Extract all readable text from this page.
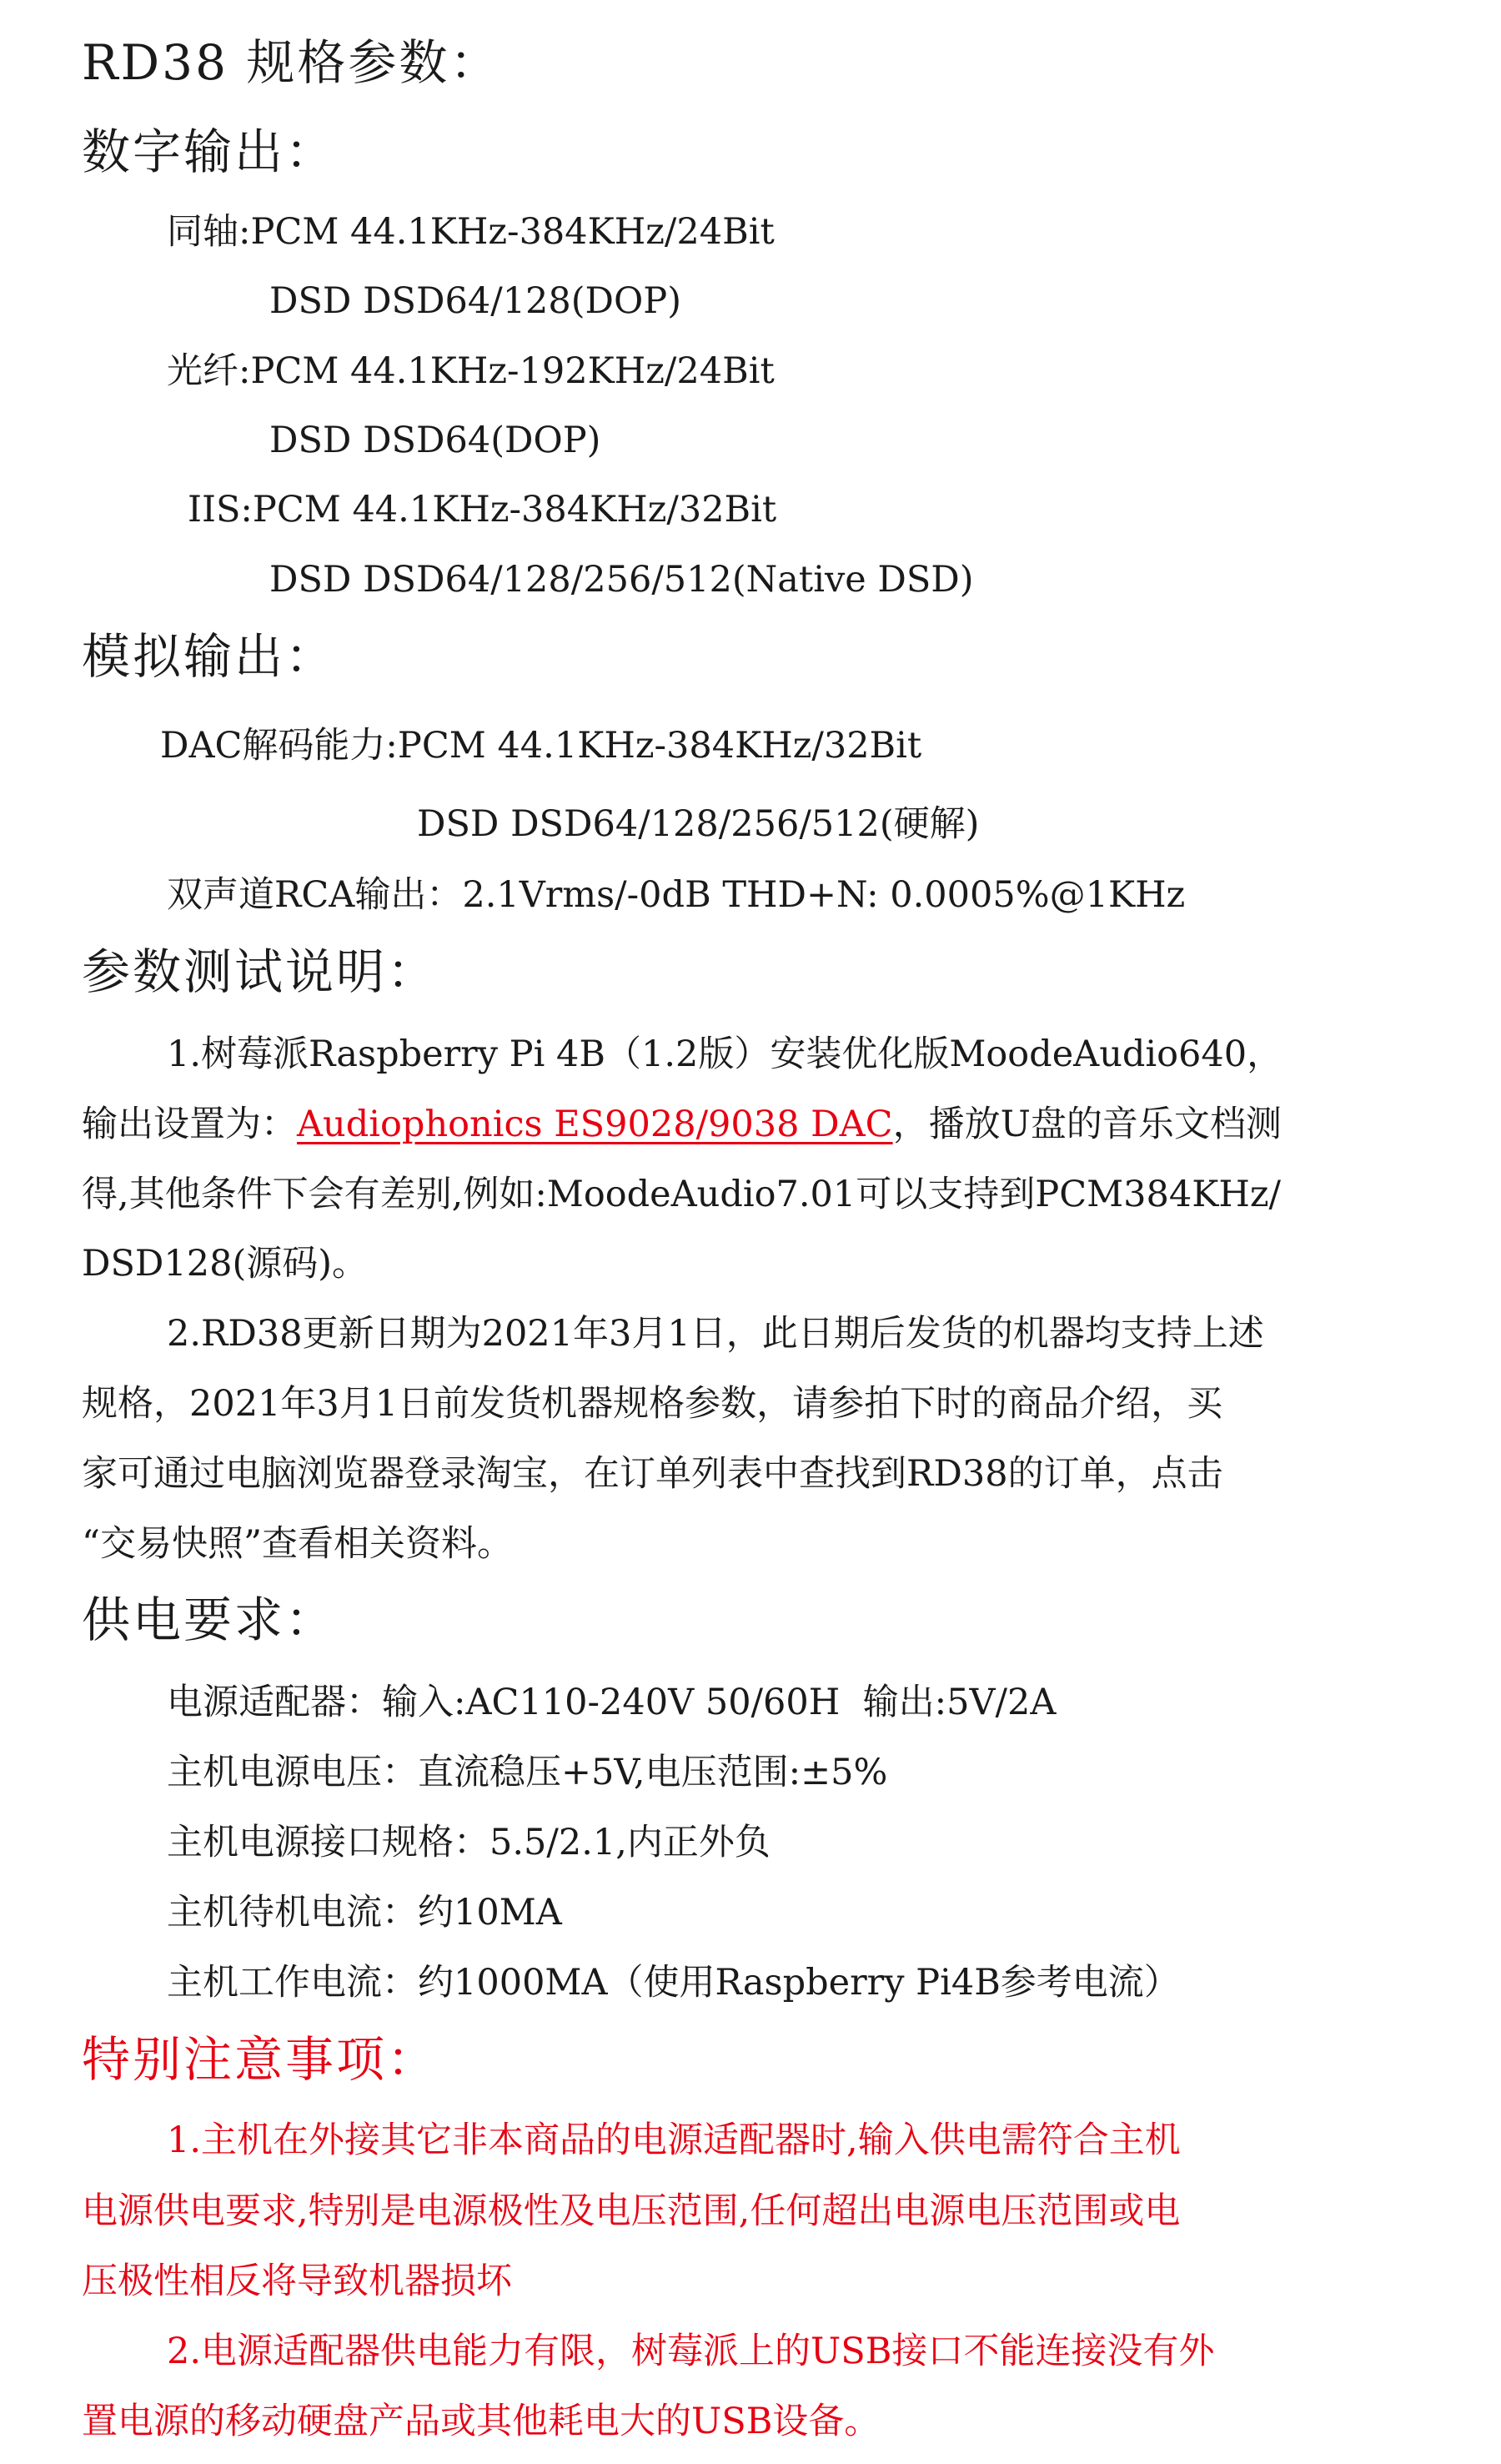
RD38 规格参数：
数字输出：
同轴:PCM 44.1KHz-384KHz/24Bit
DSD DSD64/128(DOP)
光纤:PCM 44.1KHz-192KHz/24Bit
DSD DSD64(DOP)
IIS:PCM 44.1KHz-384KHz/32Bit
DSD DSD64/128/256/512(Native DSD)
模拟输出：
DAC解码能力:PCM 44.1KHz-384KHz/32Bit
DSD DSD64/128/256/512(硬解)
双声道RCA输出：2.1Vrms/-0dB THD+N: 0.0005%@1KHz
参数测试说明：
1.树莓派Raspberry Pi 4B（1.2版）安装优化版MoodeAudio640，
输出设置为：Audiophonics ES9028/9038 DAC，播放U盘的音乐文档测
得,其他条件下会有差别,例如:MoodeAudio7.01可以支持到PCM384KHz/
DSD128(源码)。
2.RD38更新日期为2021年3月1日，此日期后发货的机器均支持上述
规格，2021年3月1日前发货机器规格参数，请参拍下时的商品介绍，买
家可通过电脑浏览器登录淘宝，在订单列表中查找到RD38的订单，点击
“交易快照”查看相关资料。
供电要求：
电源适配器：输入:AC110-240V 50/60H  输出:5V/2A
主机电源电压：直流稳压+5V,电压范围:±5%
主机电源接口规格：5.5/2.1,内正外负
主机待机电流：约10MA
主机工作电流：约1000MA（使用Raspberry Pi4B参考电流）
特别注意事项：
1.主机在外接其它非本商品的电源适配器时,输入供电需符合主机
电源供电要求,特别是电源极性及电压范围,任何超出电源电压范围或电
压极性相反将导致机器损坏
2.电源适配器供电能力有限，树莓派上的USB接口不能连接没有外
置电源的移动硬盘产品或其他耗电大的USB设备。
